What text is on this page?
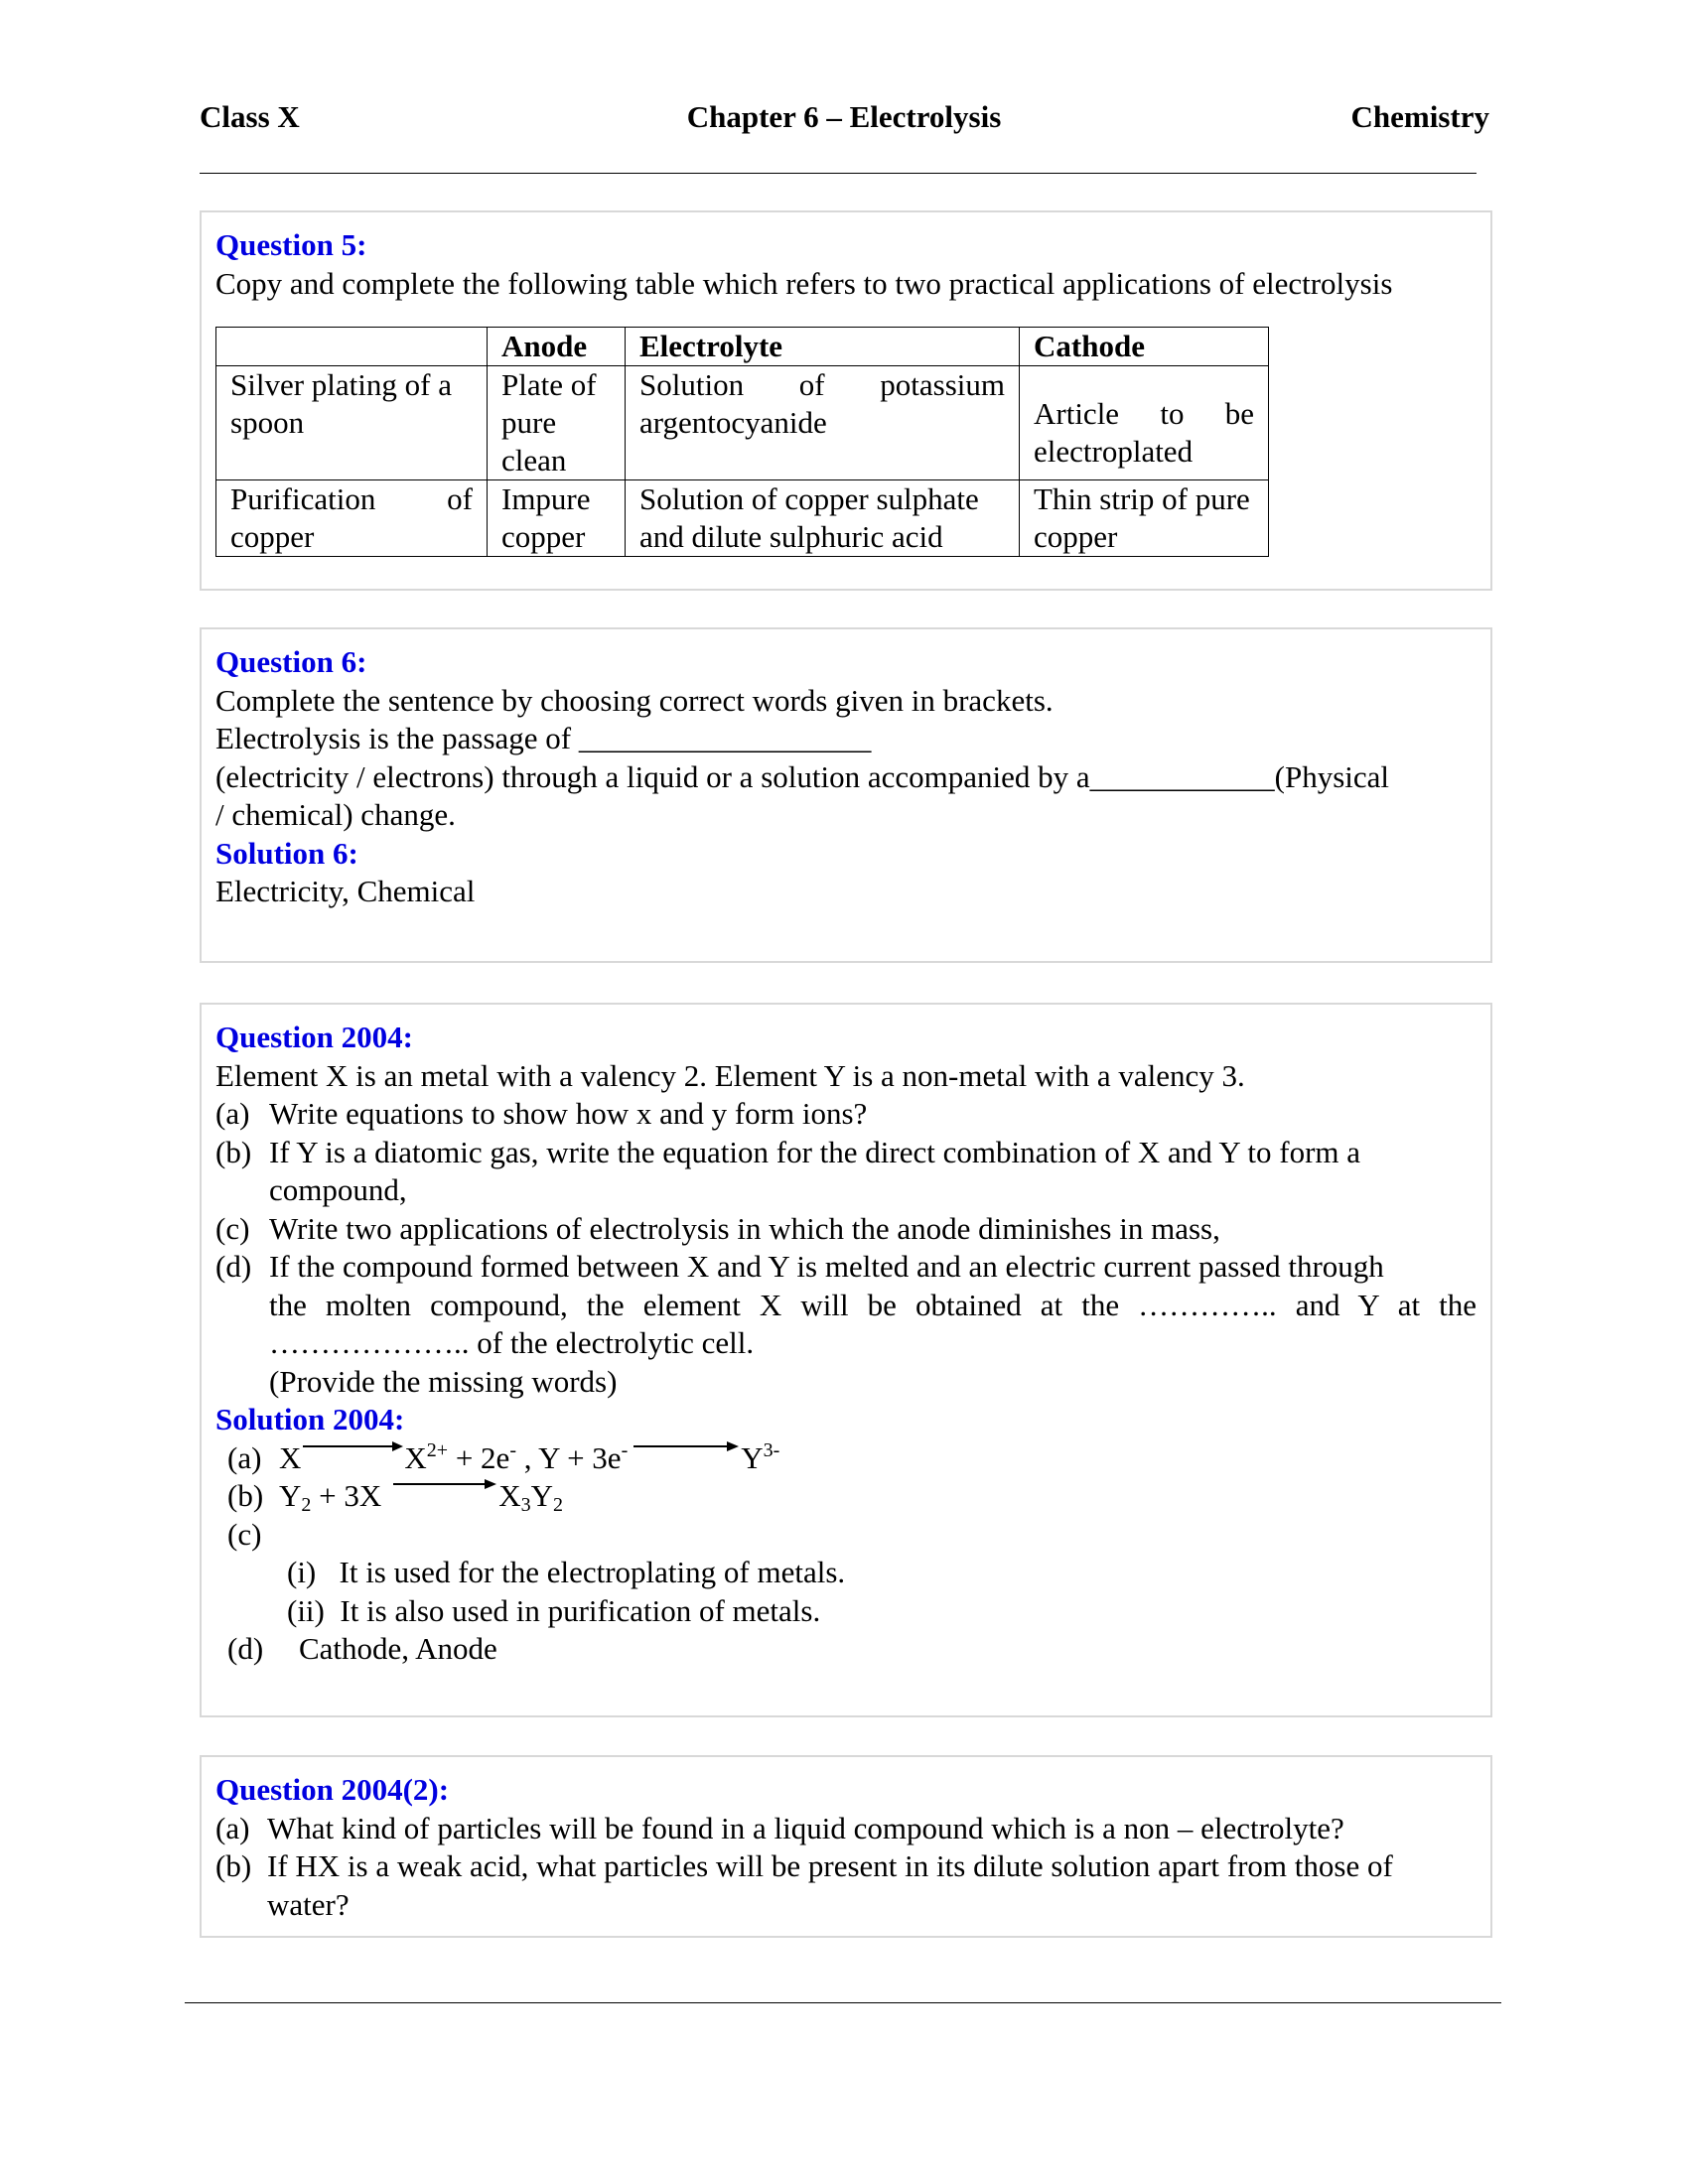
Class X	Chapter 6 – Electrolysis	Chemistry
Question 5:
Copy and complete the following table which refers to two practical applications of electrolysis
	Anode	Electrolyte	Cathode
Silver plating of a spoon	Plate of pure clean	Solution of potassium argentocyanide	Article to be electroplated
Purification of copper	Impure copper	Solution of copper sulphate and dilute sulphuric acid	Thin strip of pure copper
Question 6:
Complete the sentence by choosing correct words given in brackets.
Electrolysis is the passage of ___________________
(electricity / electrons) through a liquid or a solution accompanied by a____________(Physical
/ chemical) change.
Solution 6:
Electricity, Chemical
Question 2004:
Element X is an metal with a valency 2. Element Y is a non-metal with a valency 3.
(a) Write equations to show how x and y form ions?
(b) If Y is a diatomic gas, write the equation for the direct combination of X and Y to form a
compound,
(c) Write two applications of electrolysis in which the anode diminishes in mass,
(d) If the compound formed between X and Y is melted and an electric current passed through
the molten compound, the element X will be obtained at the ………….. and Y at the
……………….. of the electrolytic cell.
(Provide the missing words)
Solution 2004:
(a) $X \to X^{2+} + 2e^-$ , $Y + 3e^- \to Y^{3-}$
(b) $Y_2 + 3X \to X_3Y_2$
(c)
(i)   It is used for the electroplating of metals.
(ii)  It is also used in purification of metals.
(d)	Cathode, Anode
Question 2004(2):
(a) What kind of particles will be found in a liquid compound which is a non – electrolyte?
(b) If HX is a weak acid, what particles will be present in its dilute solution apart from those of
water?
